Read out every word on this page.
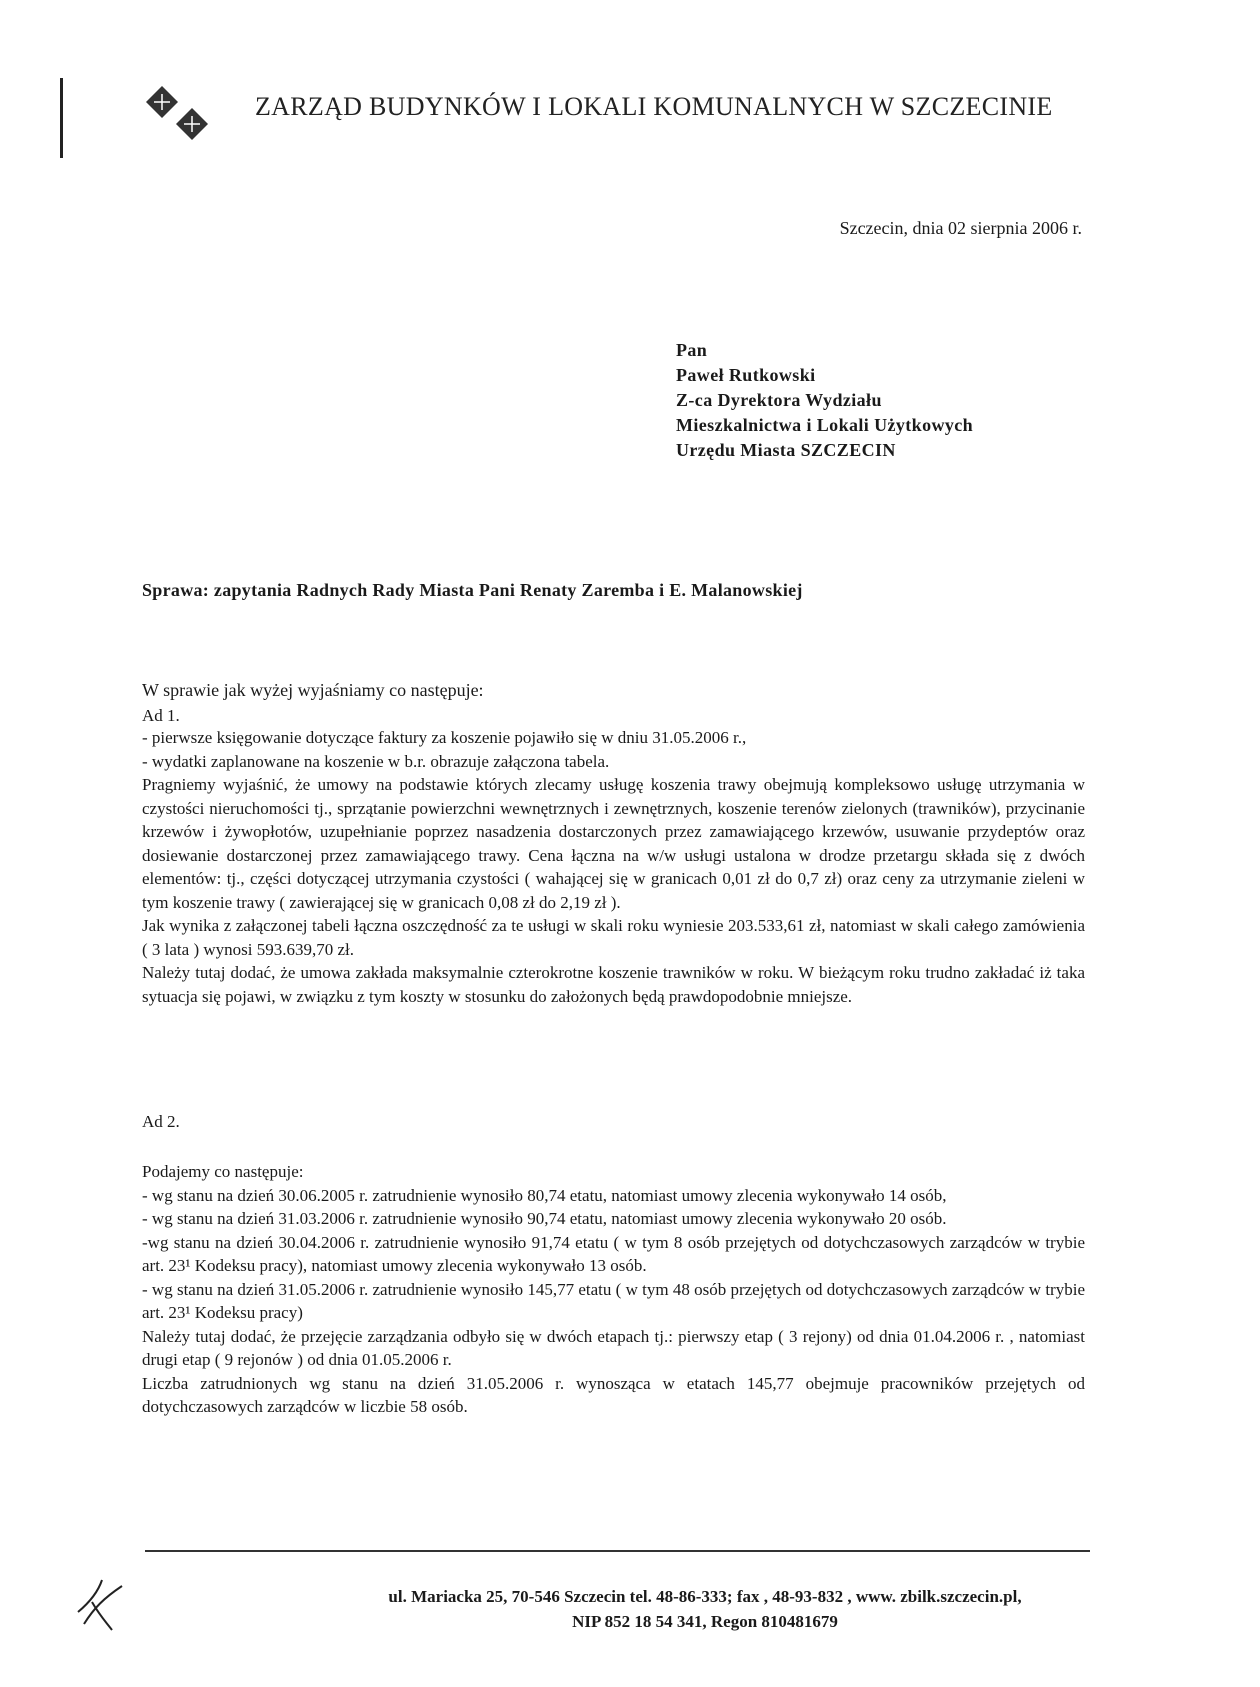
ZARZĄD BUDYNKÓW I LOKALI KOMUNALNYCH W SZCZECINIE
Szczecin, dnia 02 sierpnia 2006 r.
Pan
Paweł Rutkowski
Z-ca Dyrektora Wydziału
Mieszkalnictwa i Lokali Użytkowych
Urzędu Miasta SZCZECIN
Sprawa: zapytania Radnych Rady Miasta Pani Renaty Zaremba i E. Malanowskiej
W sprawie jak wyżej wyjaśniamy co następuje:

Ad 1.

- pierwsze księgowanie dotyczące faktury za koszenie pojawiło się w dniu 31.05.2006 r.,

- wydatki zaplanowane na koszenie w b.r. obrazuje załączona tabela.

Pragniemy wyjaśnić, że umowy na podstawie których zlecamy usługę koszenia trawy obejmują kompleksowo usługę utrzymania w czystości nieruchomości tj., sprzątanie powierzchni wewnętrznych i zewnętrznych, koszenie terenów zielonych (trawników), przycinanie krzewów i żywopłotów, uzupełnianie poprzez nasadzenia dostarczonych przez zamawiającego krzewów, usuwanie przydeptów oraz dosiewanie dostarczonej przez zamawiającego trawy. Cena łączna na w/w usługi ustalona w drodze przetargu składa się z dwóch elementów: tj., części dotyczącej utrzymania czystości ( wahającej się w granicach 0,01 zł do 0,7 zł) oraz ceny za utrzymanie zieleni w tym koszenie trawy ( zawierającej się w granicach 0,08 zł do 2,19 zł ).

Jak wynika z załączonej tabeli łączna oszczędność za te usługi w skali roku wyniesie 203.533,61 zł, natomiast w skali całego zamówienia ( 3 lata ) wynosi 593.639,70 zł.

Należy tutaj dodać, że umowa zakłada maksymalnie czterokrotne koszenie trawników w roku. W bieżącym roku trudno zakładać iż taka sytuacja się pojawi, w związku z tym koszty w stosunku do założonych będą prawdopodobnie mniejsze.

Ad 2.

Podajemy co następuje:

- wg stanu na dzień 30.06.2005 r. zatrudnienie wynosiło 80,74 etatu, natomiast umowy zlecenia wykonywało 14 osób,

- wg stanu na dzień 31.03.2006 r. zatrudnienie wynosiło 90,74 etatu, natomiast umowy zlecenia wykonywało 20 osób.

-wg stanu na dzień 30.04.2006 r. zatrudnienie wynosiło 91,74 etatu ( w tym 8 osób przejętych od dotychczasowych zarządców w trybie art. 23¹ Kodeksu pracy), natomiast umowy zlecenia wykonywało 13 osób.

- wg stanu na dzień 31.05.2006 r. zatrudnienie wynosiło 145,77 etatu ( w tym 48 osób przejętych od dotychczasowych zarządców w trybie art. 23¹ Kodeksu pracy)

Należy tutaj dodać, że przejęcie zarządzania odbyło się w dwóch etapach tj.: pierwszy etap ( 3 rejony) od dnia 01.04.2006 r. , natomiast drugi etap ( 9 rejonów ) od dnia 01.05.2006 r.

Liczba zatrudnionych wg stanu na dzień 31.05.2006 r. wynosząca w etatach 145,77 obejmuje pracowników przejętych od dotychczasowych zarządców w liczbie 58 osób.

ul. Mariacka 25, 70-546 Szczecin tel. 48-86-333; fax , 48-93-832 , www. zbilk.szczecin.pl,
NIP 852 18 54 341, Regon 810481679
